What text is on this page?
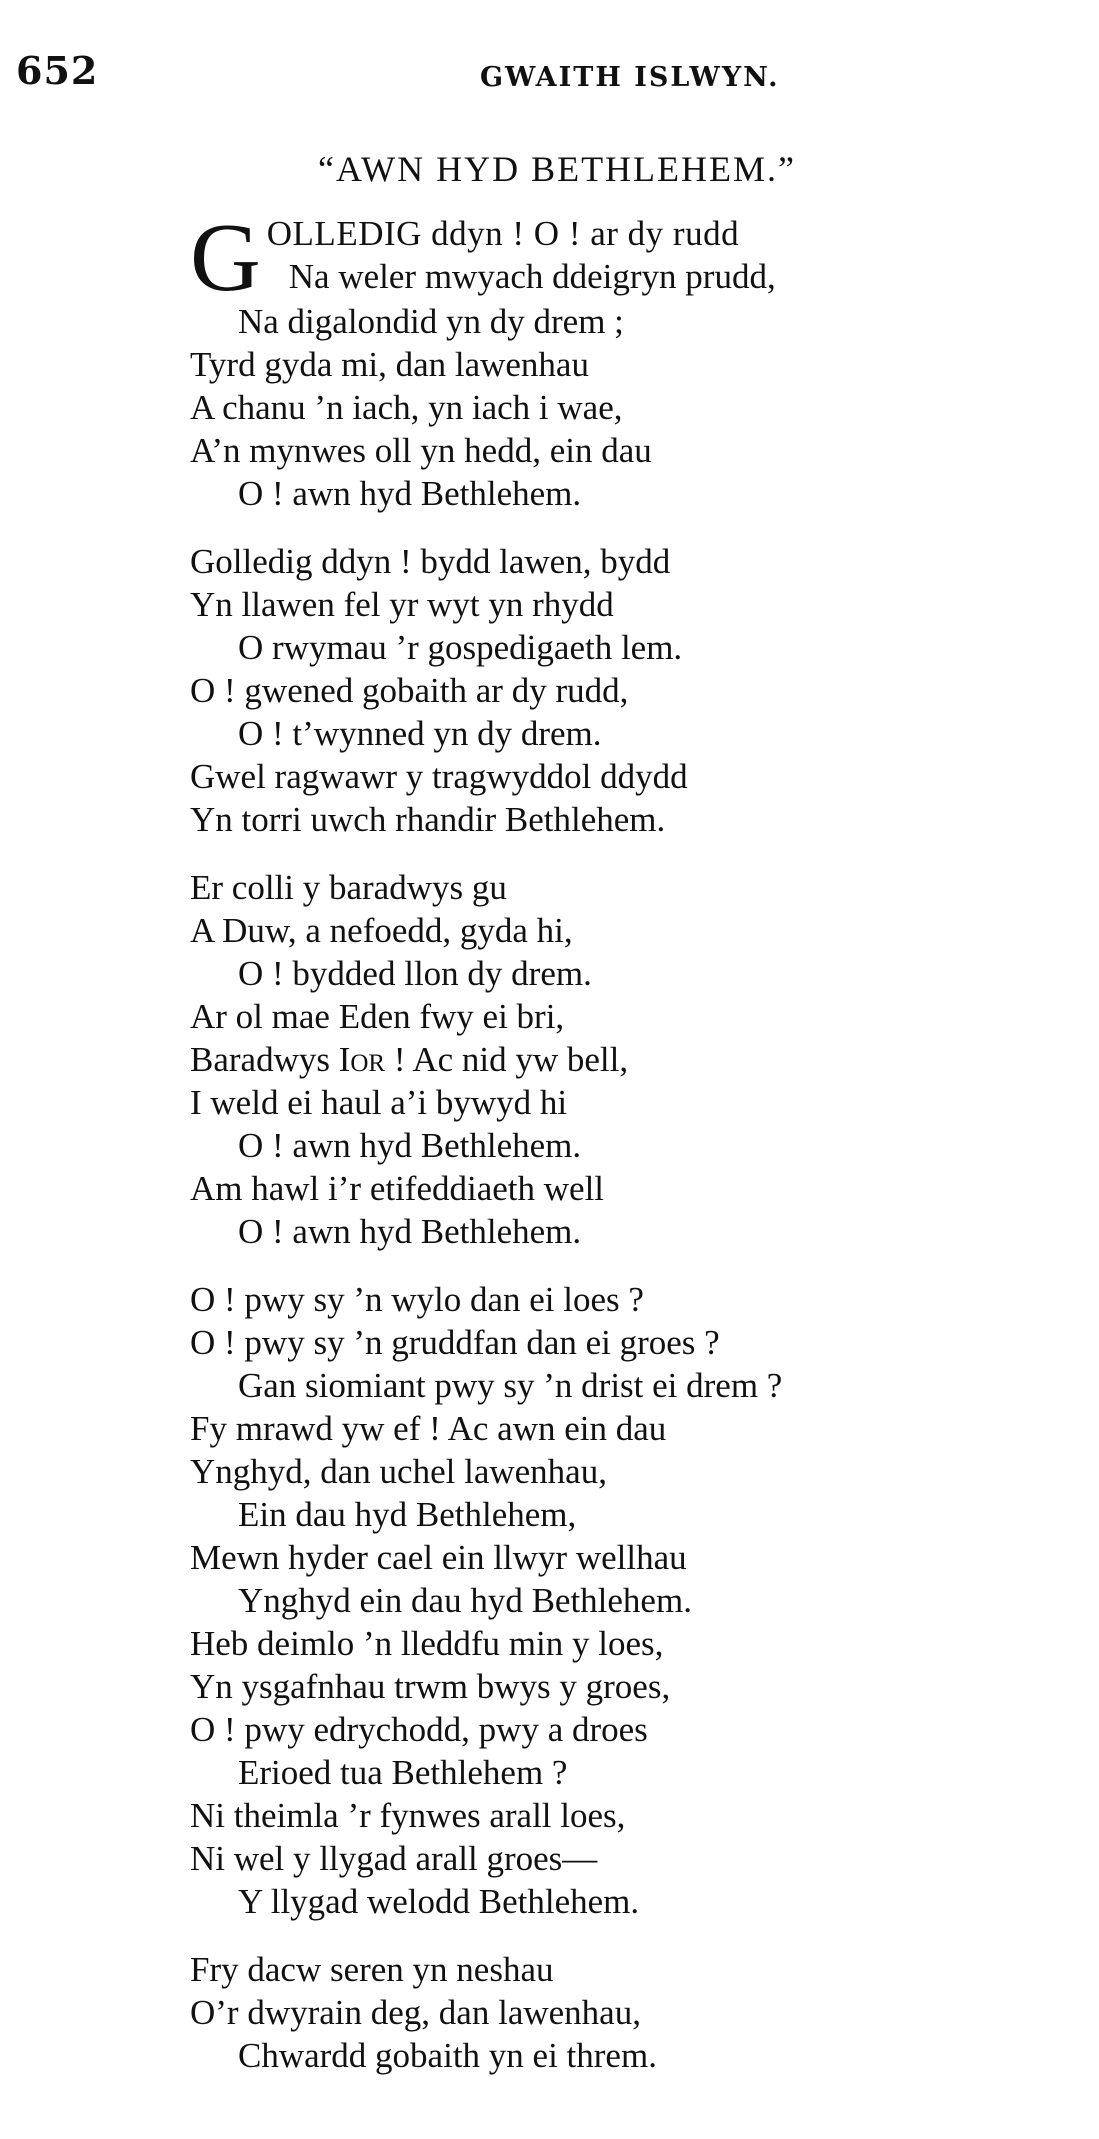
652	GWAITH ISLWYN.
“AWN HYD BETHLEHEM.”
G OLLEDIG ddyn ! O ! ar dy rudd
Na weler mwyach ddeigryn prudd,
Na digalondid yn dy drem ;
Tyrd gyda mi, dan lawenhau
A chanu ’n iach, yn iach i wae,
A’n mynwes oll yn hedd, ein dau
O ! awn hyd Bethlehem.
Golledig ddyn ! bydd lawen, bydd
Yn llawen fel yr wyt yn rhydd
O rwymau ’r gospedigaeth lem.
O ! gwened gobaith ar dy rudd,
O ! t’wynned yn dy drem.
Gwel ragwawr y tragwyddol ddydd
Yn torri uwch rhandir Bethlehem.
Er colli y baradwys gu
A Duw, a nefoedd, gyda hi,
O ! bydded llon dy drem.
Ar ol mae Eden fwy ei bri,
Baradwys Ior ! Ac nid yw bell,
I weld ei haul a’i bywyd hi
O ! awn hyd Bethlehem.
Am hawl i’r etifeddiaeth well
O ! awn hyd Bethlehem.
O ! pwy sy ’n wylo dan ei loes ?
O ! pwy sy ’n gruddfan dan ei groes ?
Gan siomiant pwy sy ’n drist ei drem ?
Fy mrawd yw ef ! Ac awn ein dau
Ynghyd, dan uchel lawenhau,
Ein dau hyd Bethlehem,
Mewn hyder cael ein llwyr wellhau
Ynghyd ein dau hyd Bethlehem.
Heb deimlo ’n lleddfu min y loes,
Yn ysgafnhau trwm bwys y groes,
O ! pwy edrychodd, pwy a droes
Erioed tua Bethlehem ?
Ni theimla ’r fynwes arall loes,
Ni wel y llygad arall groes—
Y llygad welodd Bethlehem.
Fry dacw seren yn neshau
O’r dwyrain deg, dan lawenhau,
Chwardd gobaith yn ei threm.
